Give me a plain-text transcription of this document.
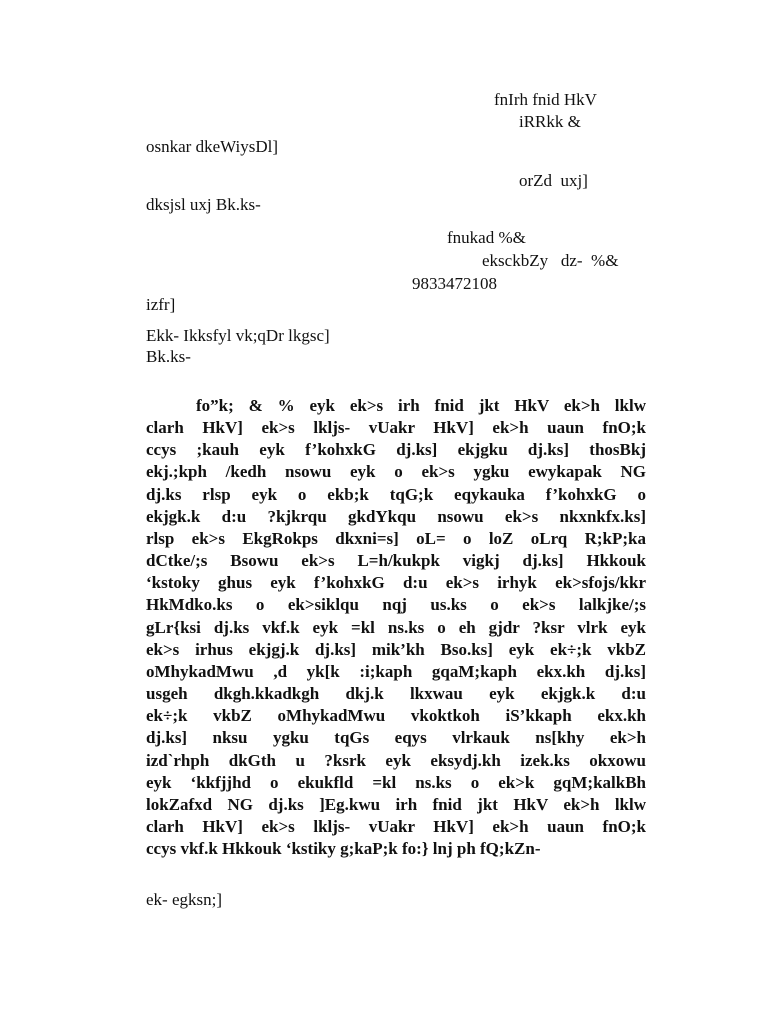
fnIrh fnid HkV
iRRkk &
osnkar dkeWiysDl]
orZd  uxj]
dksjsl uxj Bk.ks-
fnukad %&
eksckbZy   dz-  %&
9833472108
izfr]
Ekk- Ikksfyl vk;qDr lkgsc]
Bk.ks-
fo”k; & % eyk ek>s irh fnid jkt HkV ek>h lklw
clarh HkV] ek>s lkljs- vUakr HkV] ek>h uaun fnO;k
ccys ;kauh eyk f’kohxkG dj.ks] ekjgku dj.ks] thosBkj
ekj.;kph /kedh nsowu eyk o ek>s ygku ewykapak NG
dj.ks rlsp eyk o ekb;k tqG;k eqykauka f’kohxkG o
ekjgk.k d:u ?kjkrqu gkdYkqu nsowu ek>s nkxnkfx.ks]
rlsp ek>s EkgRokps dkxni=s] oL= o loZ oLrq R;kP;ka
dCtke/;s Bsowu ek>s L=h/kukpk vigkj dj.ks] Hkkouk
‘kstoky ghus eyk f’kohxkG d:u ek>s irhyk ek>sfojs/kkr
HkMdko.ks o ek>siklqu nqj us.ks o ek>s lalkjke/;s
gLr{ksi dj.ks vkf.k eyk =kl ns.ks o eh gjdr ?ksr vlrk eyk
ek>s irhus ekjgj.k dj.ks] mik’kh Bso.ks] eyk ek÷;k vkbZ
oMhykadMwu ,d yk[k :i;kaph gqaM;kaph ekx.kh dj.ks]
usgeh dkgh.kkadkgh dkj.k lkxwau eyk ekjgk.k d:u
ek÷;k vkbZ oMhykadMwu vkoktkoh iS’kkaph ekx.kh
dj.ks] nksu ygku tqGs eqys vlrkauk ns[khy ek>h
izd`rhph dkGth u ?ksrk eyk eksydj.kh izek.ks okxowu
eyk ‘kkfjjhd o ekukfld =kl ns.ks o ek>k gqM;kalkBh
lokZafxd NG dj.ks ]Eg.kwu irh fnid jkt HkV ek>h lklw
clarh HkV] ek>s lkljs- vUakr HkV] ek>h uaun fnO;k
ccys vkf.k Hkkouk ‘kstiky g;kaP;k fo:} lnj ph fQ;kZn-
ek- egksn;]
